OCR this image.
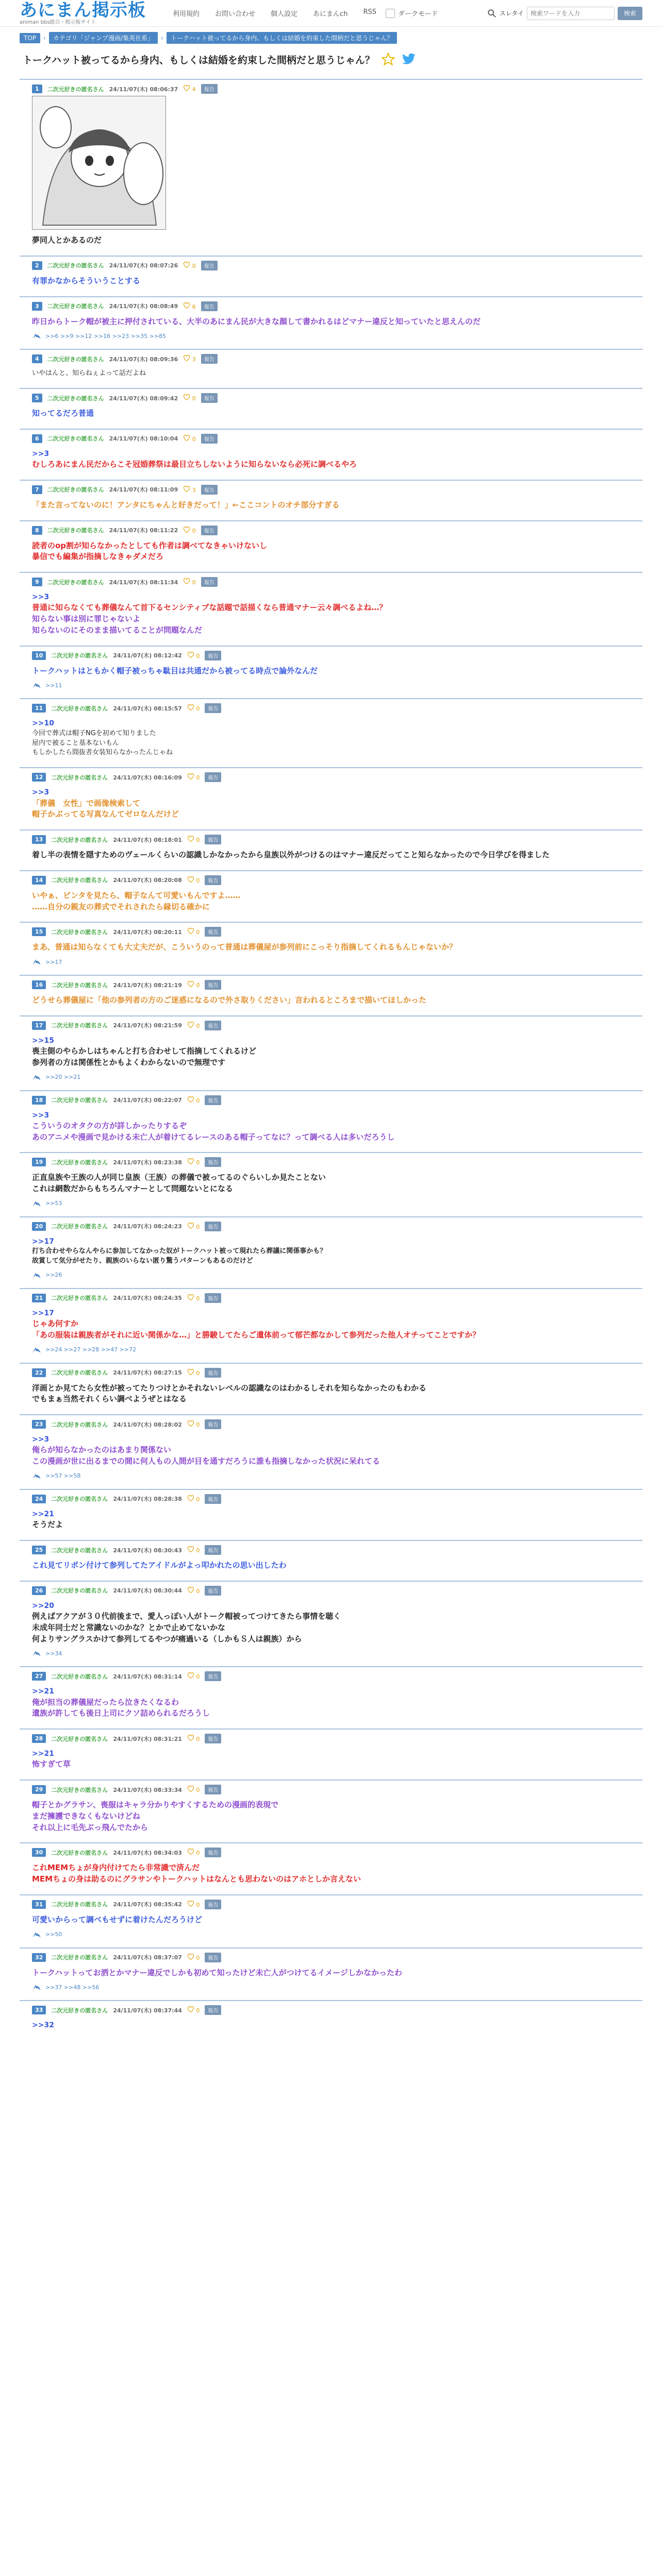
あにまん掲示板
animan bbs総合・掲示板サイト
利用規約 お問い合わせ 個人設定 あにまんch RSS	ダークモード	スレタイ
検索ワードを入力	検索
TOP	›	カテゴリ「ジャンプ漫画/集英社系」	›	トークハット被ってるから身内、もしくは結婚を約束した間柄だと思うじゃん？
トークハット被ってるから身内、もしくは結婚を約束した間柄だと思うじゃん？
1	二次元好きの匿名さん 24/11/07(木) 08:06:37	4	報告
夢同人とかあるのだ
2	二次元好きの匿名さん 24/11/07(木) 08:07:26	0	報告
有罪かなからそういうことする
3	二次元好きの匿名さん 24/11/07(木) 08:08:49	6	報告
昨日からトーク帽が被主に押付されている、大半のあにまん民が大きな顔して書かれるはどマナー違反と知っていたと思えんのだ
>>6 >>9 >>12 >>16 >>23 >>35 >>85
4	二次元好きの匿名さん 24/11/07(木) 08:09:36	3	報告
いやはんと、知らねぇよって話だよね
5	二次元好きの匿名さん 24/11/07(木) 08:09:42	0	報告
知ってるだろ普通
6	二次元好きの匿名さん 24/11/07(木) 08:10:04	0	報告
>>3
むしろあにまん民だからこそ冠婚葬祭は最目立ちしないように知らないなら必死に調べるやろ
7	二次元好きの匿名さん 24/11/07(木) 08:11:09	3	報告
「また言ってないのに！アンタにちゃんと好きだって！」←ここコントのオチ部分すぎる
8	二次元好きの匿名さん 24/11/07(木) 08:11:22	0	報告
読者のop割が知らなかったとしても作者は調べてなきゃいけないし
暴信でも編集が指摘しなきゃダメだろ
9	二次元好きの匿名さん 24/11/07(木) 08:11:34	0	報告
>>3
普通に知らなくても葬儀なんて首下るセンシティブな話題で話描くなら普通マナー云々調べるよね…？
知らない事は別に罪じゃないよ
知らないのにそのまま描いてることが問題なんだ
10	二次元好きの匿名さん 24/11/07(木) 08:12:42	0	報告
トークハットはともかく帽子被っちゃ駄目は共通だから被ってる時点で論外なんだ
>>11
11	二次元好きの匿名さん 24/11/07(木) 08:15:57	0	報告
>>10
今回で葬式は帽子NGを初めて知りました
屋内で被ること基本ないもん
もしかしたら間抜者女装知らなかったんじゃね
12	二次元好きの匿名さん 24/11/07(木) 08:16:09	0	報告
>>3
「葬儀　女性」で画像検索して
帽子かぶってる写真なんてゼロなんだけど
13	二次元好きの匿名さん 24/11/07(木) 08:18:01	0	報告
着し半の表情を隠すためのヴェールくらいの認識しかなかったから皇族以外がつけるのはマナー違反だってこと知らなかったので今日学びを得ました
14	二次元好きの匿名さん 24/11/07(木) 08:20:08	0	報告
いやぁ、ピンタを見たら、帽子なんて可愛いもんですよ……
……自分の親友の葬式でそれされたら縁切る確かに
15	二次元好きの匿名さん 24/11/07(木) 08:20:11	0	報告
まあ、普通は知らなくても大丈夫だが、こういうのって普通は葬儀屋が参列前にこっそり指摘してくれるもんじゃないか？
>>17
16	二次元好きの匿名さん 24/11/07(木) 08:21:19	0	報告
どうせら葬儀屋に「他の参列者の方のご迷惑になるので外さ取りください」言われるところまで描いてほしかった
17	二次元好きの匿名さん 24/11/07(木) 08:21:59	0	報告
>>15
喪主側のやらかしはちゃんと打ち合わせして指摘してくれるけど
参列者の方は関係性とかもよくわからないので無理です
>>20 >>21
18	二次元好きの匿名さん 24/11/07(木) 08:22:07	0	報告
>>3
こういうのオタクの方が詳しかったりするぞ
あのアニメや漫画で見かける未亡人が着けてるレースのある帽子ってなに？って調べる人は多いだろうし
19	二次元好きの匿名さん 24/11/07(木) 08:23:38	0	報告
正直皇族や王族の人が同じ皇族（王族）の葬儀で被ってるのぐらいしか見たことない
これは網数だからもちろんマナーとして問題ないとになる
>>53
20	二次元好きの匿名さん 24/11/07(木) 08:24:23	0	報告
>>17
打ち合わせやらなんやらに参加してなかった奴がトークハット被って現れたら葬議に関係事かも？
故賞して気分がせたり、親族のいらない匿り驚うパターンもあるのだけど
>>26
21	二次元好きの匿名さん 24/11/07(木) 08:24:35	0	報告
>>17
じゃあ何すか
「あの服装は親族者がそれに近い関係かな…」と勝駿してたらご遺体前って郁芒都なかして参列だった他人オチってことですか？
>>24 >>27 >>28 >>47 >>72
22	二次元好きの匿名さん 24/11/07(木) 08:27:15	0	報告
洋画とか見てたら女性が被ってたりつけとかそれないレベルの認識なのはわかるしそれを知らなかったのもわかる
でもまぁ当然それくらい調べようぜとはなる
23	二次元好きの匿名さん 24/11/07(木) 08:28:02	0	報告
>>3
俺らが知らなかったのはあまり関係ない
この漫画が世に出るまでの間に何人もの人間が目を通すだろうに誰も指摘しなかった状況に呆れてる
>>57 >>58
24	二次元好きの匿名さん 24/11/07(木) 08:28:38	0	報告
>>21
そうだよ
25	二次元好きの匿名さん 24/11/07(木) 08:30:43	0	報告
これ見てリポン付けて参列してたアイドルがよっ叩かれたの思い出したわ
26	二次元好きの匿名さん 24/11/07(木) 08:30:44	0	報告
>>20
例えばアクアが３０代前後まで、愛人っぽい人がトーク帽被ってつけてきたら事情を聴く
未成年同士だと常識ないのかな？とかで止めてないかな
何よりサングラスかけて参列してるやつが痛過いる（しかもＳ人は親族）から
>>34
27	二次元好きの匿名さん 24/11/07(木) 08:31:14	0	報告
>>21
俺が担当の葬儀屋だったら泣きたくなるわ
遺族が許しても後日上司にクソ詰められるだろうし
28	二次元好きの匿名さん 24/11/07(木) 08:31:21	0	報告
>>21
怖すぎて草
29	二次元好きの匿名さん 24/11/07(木) 08:33:34	0	報告
帽子とかグラサン、喪服はキャラ分かりやすくするための漫画的表現で
まだ擁護できなくもないけどね
それ以上に毛先ぶっ飛んでたから
30	二次元好きの匿名さん 24/11/07(木) 08:34:03	0	報告
これMEMちょが身内付けてたら非常識で済んだ
MEMちょの身は助るのにグラサンやトークハットはなんとも思わないのはアホとしか言えない
31	二次元好きの匿名さん 24/11/07(木) 08:35:42	0	報告
可愛いからって調べもせずに着けたんだろうけど
>>50
32	二次元好きの匿名さん 24/11/07(木) 08:37:07	0	報告
トークハットってお洒とかマナー違反でしかも初めて知ったけど未亡人がつけてるイメージしかなかったわ
>>37 >>48 >>56
33	二次元好きの匿名さん 24/11/07(木) 08:37:44	0	報告
>>32
